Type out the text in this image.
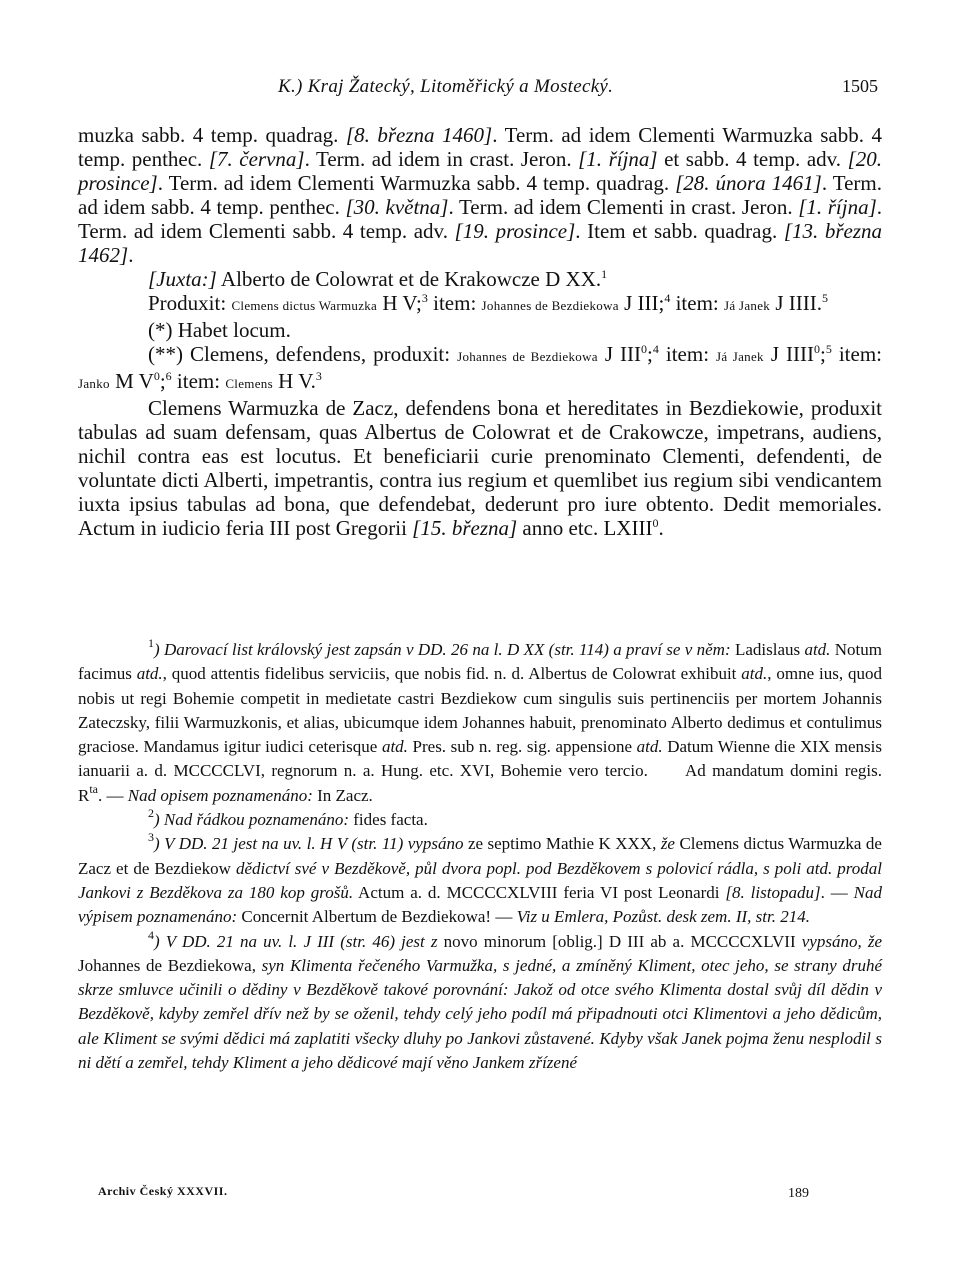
K.) Kraj Žatecký, Litoměřický a Mostecký.	1505

muzka sabb. 4 temp. quadrag. [8. března 1460]. Term. ad idem Clementi Warmuzka sabb. 4 temp. penthec. [7. června]. Term. ad idem in crast. Jeron. [1. října] et sabb. 4 temp. adv. [20. prosince]. Term. ad idem Clementi Warmuzka sabb. 4 temp. quadrag. [28. února 1461]. Term. ad idem sabb. 4 temp. penthec. [30. května]. Term. ad idem Clementi in crast. Jeron. [1. října]. Term. ad idem Clementi sabb. 4 temp. adv. [19. prosince]. Item et sabb. quadrag. [13. března 1462].

[Juxta:] Alberto de Colowrat et de Krakowcze D XX.$^1$

Produxit: Clemens dictus Warmuzka H V;$^3$ item: Johannes de Bezdiekowa J III;$^4$ item: Já Janek J IIII.$^5$

(*) Habet locum.

(**) Clemens, defendens, produxit: Johannes de Bezdiekowa J III$^0$;$^4$ item: Já Janek J IIII$^0$;$^5$ item: Janko M $V^0;^6$ item: Clemens H V.$^3$

Clemens Warmuzka de Zacz, defendens bona et hereditates in Bezdiekowie, produxit tabulas ad suam defensam, quas Albertus de Colowrat et de Crakowcze, impetrans, audiens, nichil contra eas est locutus. Et beneficiarii curie prenominato Clementi, defendenti, de voluntate dicti Alberti, impetrantis, contra ius regium et quemlibet ius regium sibi vendicantem iuxta ipsius tabulas ad bona, que defendebat, dederunt pro iure obtento. Dedit memoriales. Actum in iudicio feria III post Gregorii [15. března] anno etc. LXIII$^0$.

$^1$) Darovací list královský jest zapsán v DD. 26 na l. D XX (str. 114) a praví se v něm: Ladislaus atd. Notum facimus atd., quod attentis fidelibus serviciis, que nobis fid. n. d. Albertus de Colowrat exhibuit atd., omne ius, quod nobis ut regi Bohemie competit in medietate castri Bezdiekow cum singulis suis pertinenciis per mortem Johannis Zateczsky, filii Warmuzkonis, et alias, ubicumque idem Johannes habuit, prenominato Alberto dedimus et contulimus graciose. Mandamus igitur iudici ceterisque atd. Pres. sub n. reg. sig. appensione atd. Datum Wienne die XIX mensis ianuarii a. d. MCCCCLVI, regnorum n. a. Hung. etc. XVI, Bohemie vero tercio.      Ad mandatum domini regis.        $R^{ta}$. — Nad opisem poznamenáno: In Zacz.

$^2$) Nad řádkou poznamenáno: fides facta.

$^3$) V DD. 21 jest na uv. l. H V (str. 11) vypsáno ze septimo Mathie K XXX, že Clemens dictus Warmuzka de Zacz et de Bezdiekow dědictví své v Bezděkově, půl dvora popl. pod Bezděkovem s polovicí rádla, s poli atd. prodal Jankovi z Bezděkova za 180 kop grošů. Actum a. d. MCCCCXLVIII feria VI post Leonardi [8. listopadu]. — Nad výpisem poznamenáno: Concernit Albertum de Bezdiekowa! — Viz u Emlera, Pozůst. desk zem. II, str. 214.

$^4$) V DD. 21 na uv. l. J III (str. 46) jest z novo minorum [oblig.] D III ab a. MCCCCXLVII vypsáno, že Johannes de Bezdiekowa, syn Klimenta řečeného Varmužka, s jedné, a zmíněný Kliment, otec jeho, se strany druhé skrze smluvce učinili o dědiny v Bezděkově takové porovnání: Jakož od otce svého Klimenta dostal svůj díl dědin v Bezděkově, kdyby zemřel dřív než by se oženil, tehdy celý jeho podíl má připadnouti otci Klimentovi a jeho dědicům, ale Kliment se svými dědici má zaplatiti všecky dluhy po Jankovi zůstavené. Kdyby však Janek pojma ženu nesplodil s ni dětí a zemřel, tehdy Kliment a jeho dědicové mají věno Jankem zřízené

Archiv Český XXXVII.	189
